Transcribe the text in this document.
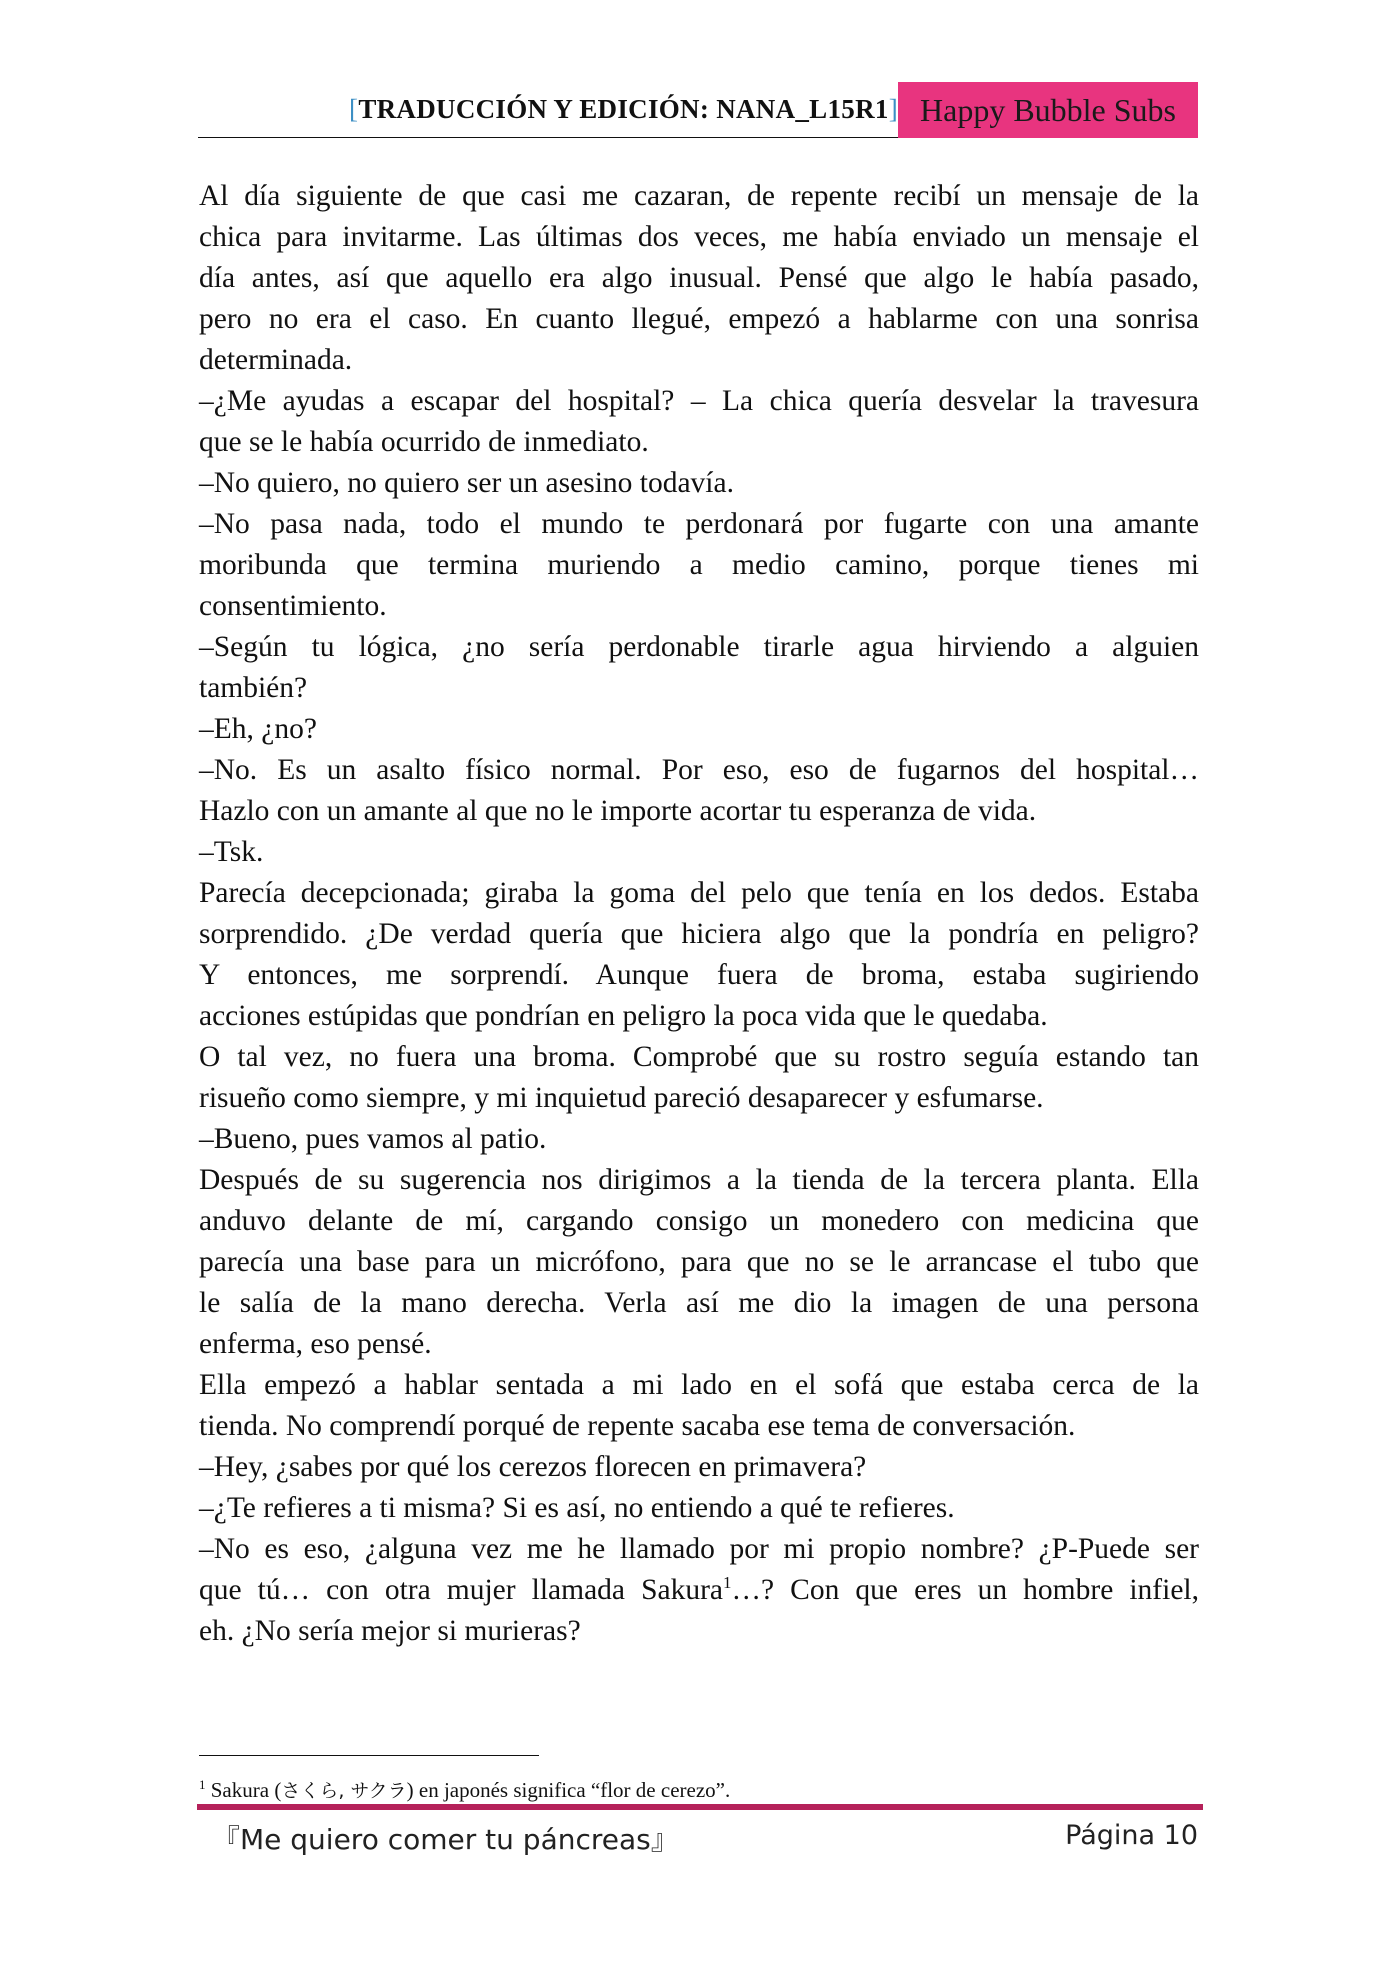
[TRADUCCIÓN Y EDICIÓN: NANA_L15R1] Happy Bubble Subs
Al día siguiente de que casi me cazaran, de repente recibí un mensaje de la
chica para invitarme. Las últimas dos veces, me había enviado un mensaje el
día antes, así que aquello era algo inusual. Pensé que algo le había pasado,
pero no era el caso. En cuanto llegué, empezó a hablarme con una sonrisa
determinada.
–¿Me ayudas a escapar del hospital? – La chica quería desvelar la travesura
que se le había ocurrido de inmediato.
–No quiero, no quiero ser un asesino todavía.
–No pasa nada, todo el mundo te perdonará por fugarte con una amante
moribunda que termina muriendo a medio camino, porque tienes mi
consentimiento.
–Según tu lógica, ¿no sería perdonable tirarle agua hirviendo a alguien
también?
–Eh, ¿no?
–No. Es un asalto físico normal. Por eso, eso de fugarnos del hospital…
Hazlo con un amante al que no le importe acortar tu esperanza de vida.
–Tsk.
Parecía decepcionada; giraba la goma del pelo que tenía en los dedos. Estaba
sorprendido. ¿De verdad quería que hiciera algo que la pondría en peligro?
Y entonces, me sorprendí. Aunque fuera de broma, estaba sugiriendo
acciones estúpidas que pondrían en peligro la poca vida que le quedaba.
O tal vez, no fuera una broma. Comprobé que su rostro seguía estando tan
risueño como siempre, y mi inquietud pareció desaparecer y esfumarse.
–Bueno, pues vamos al patio.
Después de su sugerencia nos dirigimos a la tienda de la tercera planta. Ella
anduvo delante de mí, cargando consigo un monedero con medicina que
parecía una base para un micrófono, para que no se le arrancase el tubo que
le salía de la mano derecha. Verla así me dio la imagen de una persona
enferma, eso pensé.
Ella empezó a hablar sentada a mi lado en el sofá que estaba cerca de la
tienda. No comprendí porqué de repente sacaba ese tema de conversación.
–Hey, ¿sabes por qué los cerezos florecen en primavera?
–¿Te refieres a ti misma? Si es así, no entiendo a qué te refieres.
–No es eso, ¿alguna vez me he llamado por mi propio nombre? ¿P-Puede ser
que tú… con otra mujer llamada Sakura$^1$…? Con que eres un hombre infiel,
eh. ¿No sería mejor si murieras?
$^1$ Sakura (さくら, サクラ) en japonés significa “flor de cerezo”.
『Me quiero comer tu páncreas』	Página 10
